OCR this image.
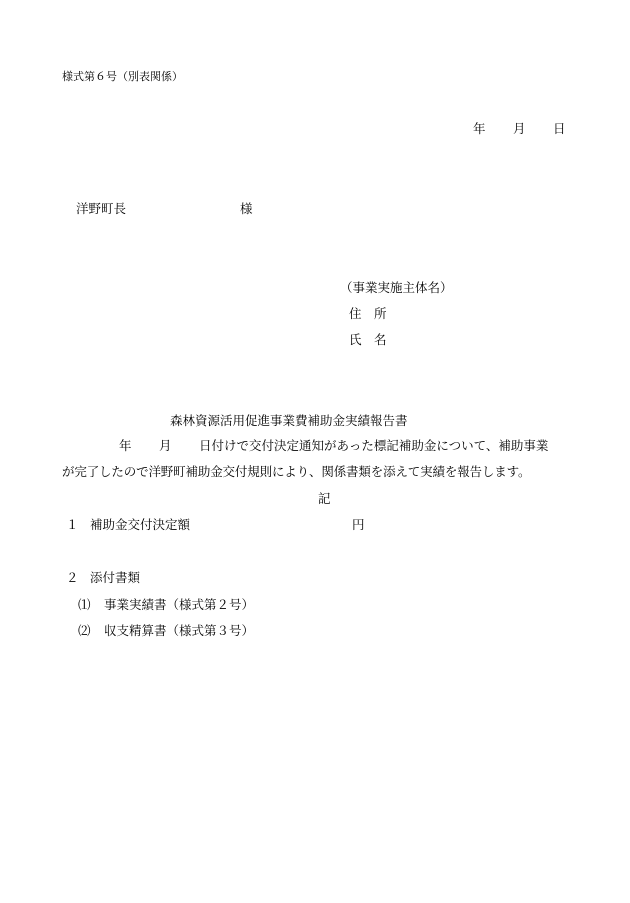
様式第６号（別表関係）
年 月 日
洋野町長	様
（事業実施主体名）
住　所
氏　名
森林資源活用促進事業費補助金実績報告書
年 月 日付けで交付決定通知があった標記補助金について、補助事業
が完了したので洋野町補助金交付規則により、関係書類を添えて実績を報告します。
記
１ 補助金交付決定額	円
２ 添付書類
⑴ 事業実績書（様式第２号）
⑵ 収支精算書（様式第３号）
